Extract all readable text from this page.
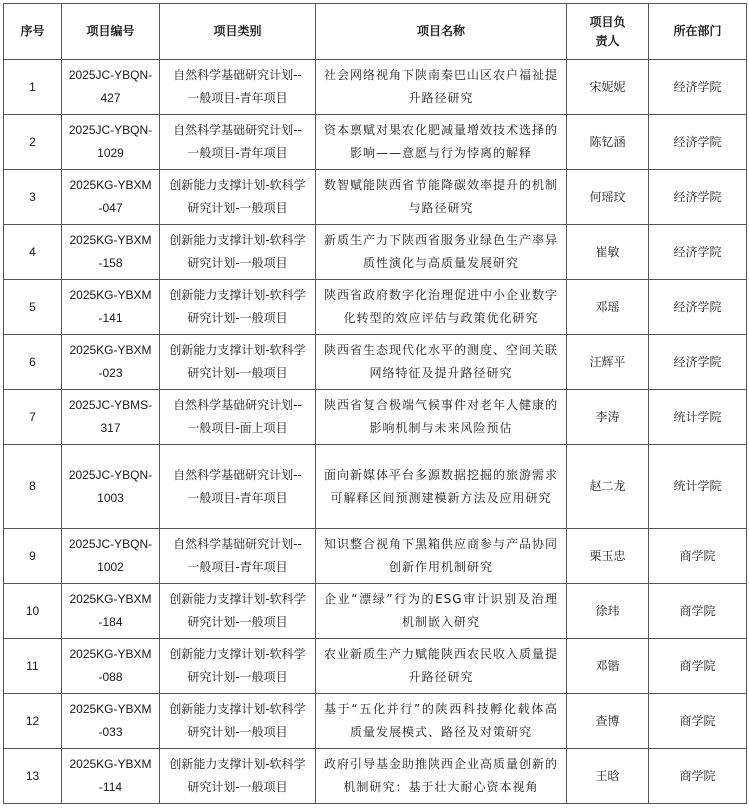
序号	项目编号	项目类别	项目名称	项目负责人	所在部门
1	2025JC-YBQN-427	自然科学基础研究计划--一般项目-青年项目	社会网络视角下陕南秦巴山区农户福祉提升路径研究	宋妮妮	经济学院
2	2025JC-YBQN-1029	自然科学基础研究计划--一般项目-青年项目	资本禀赋对果农化肥减量增效技术选择的影响——意愿与行为悖离的解释	陈钇涵	经济学院
3	2025KG-YBXM-047	创新能力支撑计划-软科学研究计划-一般项目	数智赋能陕西省节能降碳效率提升的机制与路径研究	何瑶玟	经济学院
4	2025KG-YBXM-158	创新能力支撑计划-软科学研究计划-一般项目	新质生产力下陕西省服务业绿色生产率异质性演化与高质量发展研究	崔敏	经济学院
5	2025KG-YBXM-141	创新能力支撑计划-软科学研究计划-一般项目	陕西省政府数字化治理促进中小企业数字化转型的效应评估与政策优化研究	邓瑶	经济学院
6	2025KG-YBXM-023	创新能力支撑计划-软科学研究计划-一般项目	陕西省生态现代化水平的测度、空间关联网络特征及提升路径研究	汪辉平	经济学院
7	2025JC-YBMS-317	自然科学基础研究计划--一般项目-面上项目	陕西省复合极端气候事件对老年人健康的影响机制与未来风险预估	李涛	统计学院
8	2025JC-YBQN-1003	自然科学基础研究计划--一般项目-青年项目	面向新媒体平台多源数据挖掘的旅游需求可解释区间预测建模新方法及应用研究	赵二龙	统计学院
9	2025JC-YBQN-1002	自然科学基础研究计划--一般项目-青年项目	知识整合视角下黑箱供应商参与产品协同创新作用机制研究	栗玉忠	商学院
10	2025KG-YBXM-184	创新能力支撑计划-软科学研究计划-一般项目	企业“漂绿”行为的ESG审计识别及治理机制嵌入研究	徐玮	商学院
11	2025KG-YBXM-088	创新能力支撑计划-软科学研究计划-一般项目	农业新质生产力赋能陕西农民收入质量提升路径研究	邓锴	商学院
12	2025KG-YBXM-033	创新能力支撑计划-软科学研究计划-一般项目	基于“五化并行”的陕西科技孵化载体高质量发展模式、路径及对策研究	查博	商学院
13	2025KG-YBXM-114	创新能力支撑计划-软科学研究计划-一般项目	政府引导基金助推陕西企业高质量创新的机制研究：基于壮大耐心资本视角	王晗	商学院
